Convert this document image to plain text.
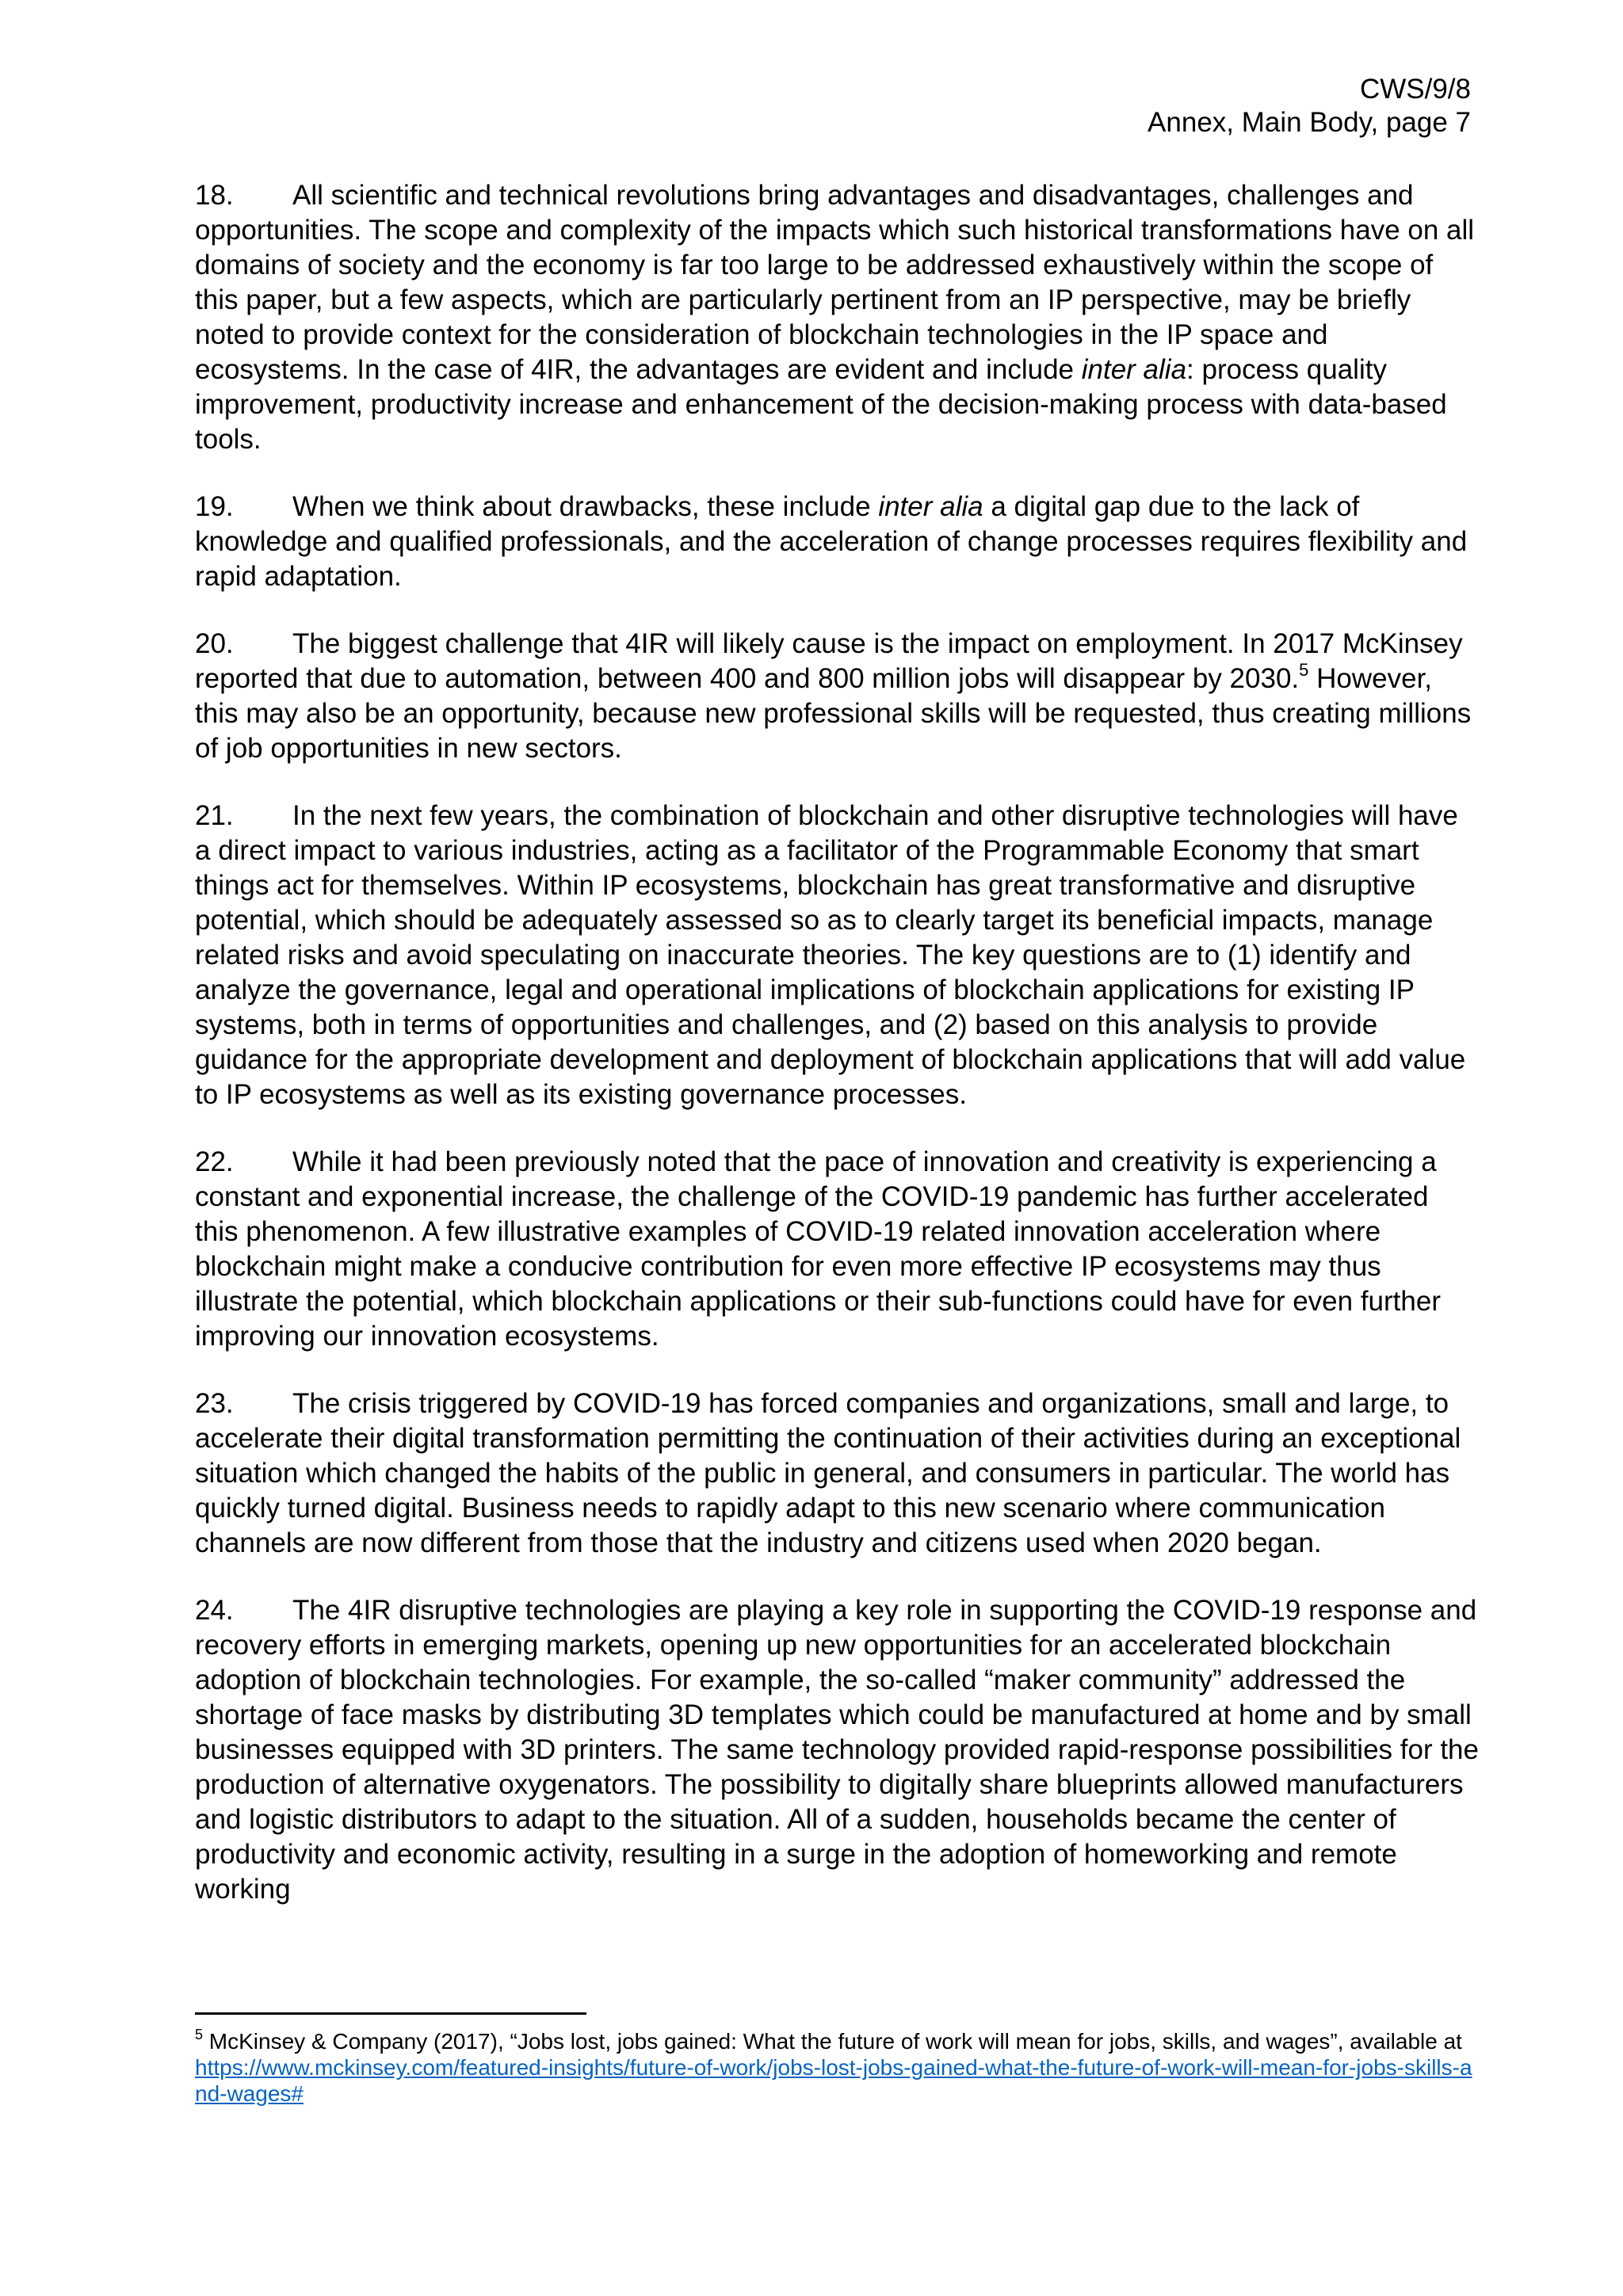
CWS/9/8
Annex, Main Body, page 7

18. All scientific and technical revolutions bring advantages and disadvantages, challenges and opportunities. The scope and complexity of the impacts which such historical transformations have on all domains of society and the economy is far too large to be addressed exhaustively within the scope of this paper, but a few aspects, which are particularly pertinent from an IP perspective, may be briefly noted to provide context for the consideration of blockchain technologies in the IP space and ecosystems. In the case of 4IR, the advantages are evident and include inter alia: process quality improvement, productivity increase and enhancement of the decision-making process with data-based tools.

19. When we think about drawbacks, these include inter alia a digital gap due to the lack of knowledge and qualified professionals, and the acceleration of change processes requires flexibility and rapid adaptation.

20. The biggest challenge that 4IR will likely cause is the impact on employment. In 2017 McKinsey reported that due to automation, between 400 and 800 million jobs will disappear by 2030.$^5$ However, this may also be an opportunity, because new professional skills will be requested, thus creating millions of job opportunities in new sectors.

21. In the next few years, the combination of blockchain and other disruptive technologies will have a direct impact to various industries, acting as a facilitator of the Programmable Economy that smart things act for themselves. Within IP ecosystems, blockchain has great transformative and disruptive potential, which should be adequately assessed so as to clearly target its beneficial impacts, manage related risks and avoid speculating on inaccurate theories. The key questions are to (1) identify and analyze the governance, legal and operational implications of blockchain applications for existing IP systems, both in terms of opportunities and challenges, and (2) based on this analysis to provide guidance for the appropriate development and deployment of blockchain applications that will add value to IP ecosystems as well as its existing governance processes.

22. While it had been previously noted that the pace of innovation and creativity is experiencing a constant and exponential increase, the challenge of the COVID-19 pandemic has further accelerated this phenomenon. A few illustrative examples of COVID-19 related innovation acceleration where blockchain might make a conducive contribution for even more effective IP ecosystems may thus illustrate the potential, which blockchain applications or their sub-functions could have for even further improving our innovation ecosystems.

23. The crisis triggered by COVID-19 has forced companies and organizations, small and large, to accelerate their digital transformation permitting the continuation of their activities during an exceptional situation which changed the habits of the public in general, and consumers in particular. The world has quickly turned digital. Business needs to rapidly adapt to this new scenario where communication channels are now different from those that the industry and citizens used when 2020 began.

24. The 4IR disruptive technologies are playing a key role in supporting the COVID-19 response and recovery efforts in emerging markets, opening up new opportunities for an accelerated blockchain adoption of blockchain technologies. For example, the so-called “maker community” addressed the shortage of face masks by distributing 3D templates which could be manufactured at home and by small businesses equipped with 3D printers. The same technology provided rapid-response possibilities for the production of alternative oxygenators. The possibility to digitally share blueprints allowed manufacturers and logistic distributors to adapt to the situation. All of a sudden, households became the center of productivity and economic activity, resulting in a surge in the adoption of homeworking and remote working

$^5$ McKinsey & Company (2017), “Jobs lost, jobs gained: What the future of work will mean for jobs, skills, and wages”, available at https://www.mckinsey.com/featured-insights/future-of-work/jobs-lost-jobs-gained-what-the-future-of-work-will-mean-for-jobs-skills-and-wages#
